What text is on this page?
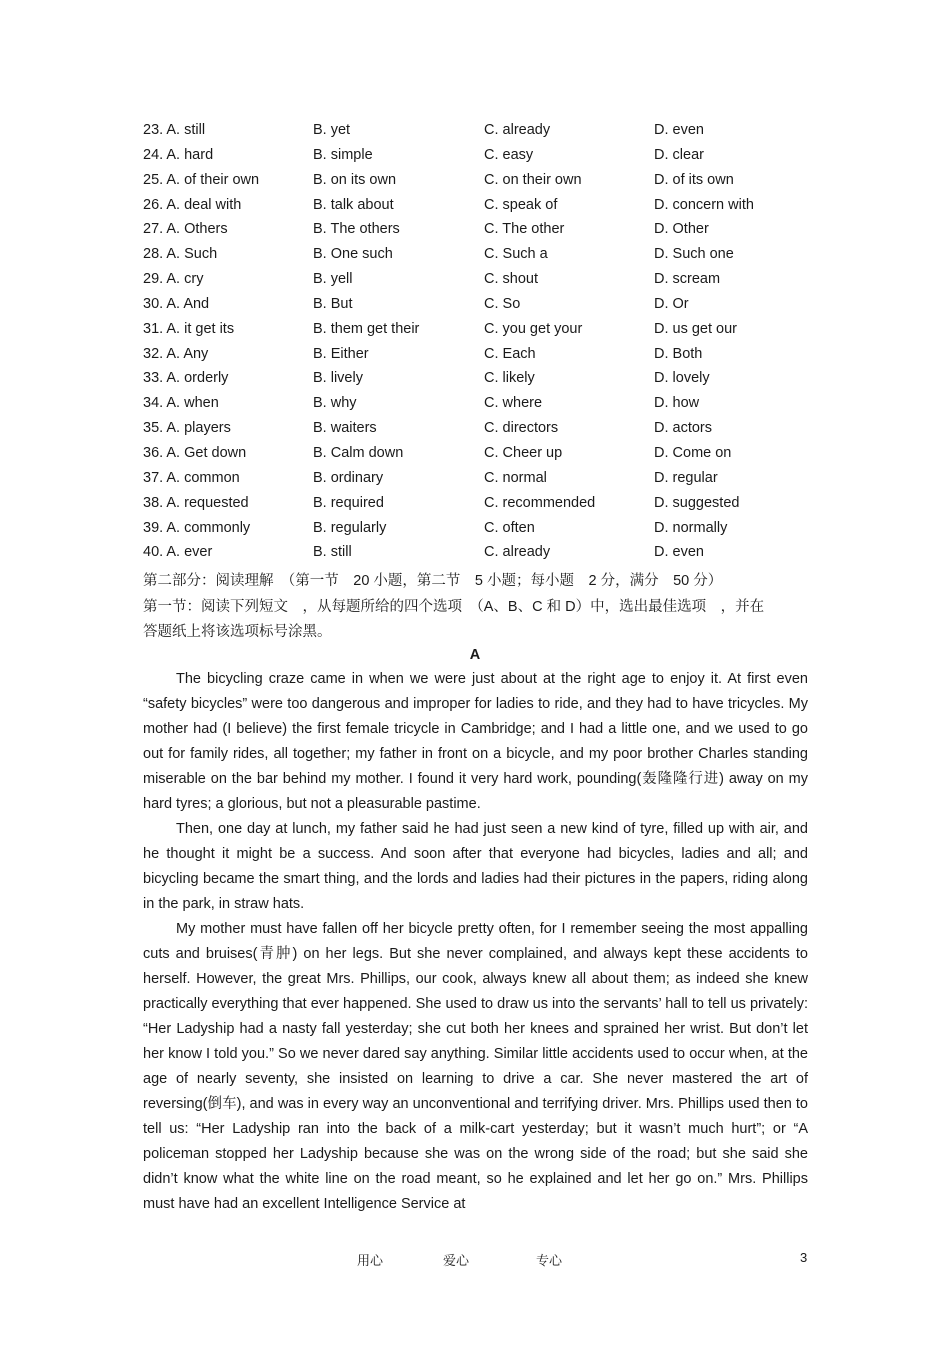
23. A. still	B. yet	C. already	D. even
24. A. hard	B. simple	C. easy	D. clear
25. A. of their own	B. on its own	C. on their own	D. of its own
26. A. deal with	B. talk about	C. speak of	D. concern with
27. A. Others	B. The others	C. The other	D. Other
28. A. Such	B. One such	C. Such a	D. Such one
29. A. cry	B. yell	C. shout	D. scream
30. A. And	B. But	C. So	D. Or
31. A. it get its	B. them get their	C. you get your	D. us get our
32. A. Any	B. Either	C. Each	D. Both
33. A. orderly	B. lively	C. likely	D. lovely
34. A. when	B. why	C. where	D. how
35. A. players	B. waiters	C. directors	D. actors
36. A. Get down	B. Calm down	C. Cheer up	D. Come on
37. A. common	B. ordinary	C. normal	D. regular
38. A. requested	B. required	C. recommended	D. suggested
39. A. commonly	B. regularly	C. often	D. normally
40. A. ever	B. still	C. already	D. even
第二部分：阅读理解　（第一节　20 小题，第二节　5 小题；每小题　2 分，满分　50 分）
第一节：阅读下列短文　，从每题所给的四个选项　（A、B、C 和 D）中，选出最佳选项　，并在
答题纸上将该选项标号涂黑。
A

The bicycling craze came in when we were just about at the right age to enjoy it. At first even “safety bicycles” were too dangerous and improper for ladies to ride, and they had to have tricycles. My mother had (I believe) the first female tricycle in Cambridge; and I had a little one, and we used to go out for family rides, all together; my father in front on a bicycle, and my poor brother Charles standing miserable on the bar behind my mother. I found it very hard work, pounding(轰隆隆行进) away on my hard tyres; a glorious, but not a pleasurable pastime.

Then, one day at lunch, my father said he had just seen a new kind of tyre, filled up with air, and he thought it might be a success. And soon after that everyone had bicycles, ladies and all; and bicycling became the smart thing, and the lords and ladies had their pictures in the papers, riding along in the park, in straw hats.

My mother must have fallen off her bicycle pretty often, for I remember seeing the most appalling cuts and bruises(青肿) on her legs. But she never complained, and always kept these accidents to herself. However, the great Mrs. Phillips, our cook, always knew all about them; as indeed she knew practically everything that ever happened. She used to draw us into the servants’ hall to tell us privately: “Her Ladyship had a nasty fall yesterday; she cut both her knees and sprained her wrist. But don’t let her know I told you.” So we never dared say anything. Similar little accidents used to occur when, at the age of nearly seventy, she insisted on learning to drive a car. She never mastered the art of reversing(倒车), and was in every way an unconventional and terrifying driver. Mrs. Phillips used then to tell us: “Her Ladyship ran into the back of a milk-cart yesterday; but it wasn’t much hurt”; or “A policeman stopped her Ladyship because she was on the wrong side of the road; but she said she didn’t know what the white line on the road meant, so he explained and let her go on.” Mrs. Phillips must have had an excellent Intelligence Service at

用心	爱心	专心	3
